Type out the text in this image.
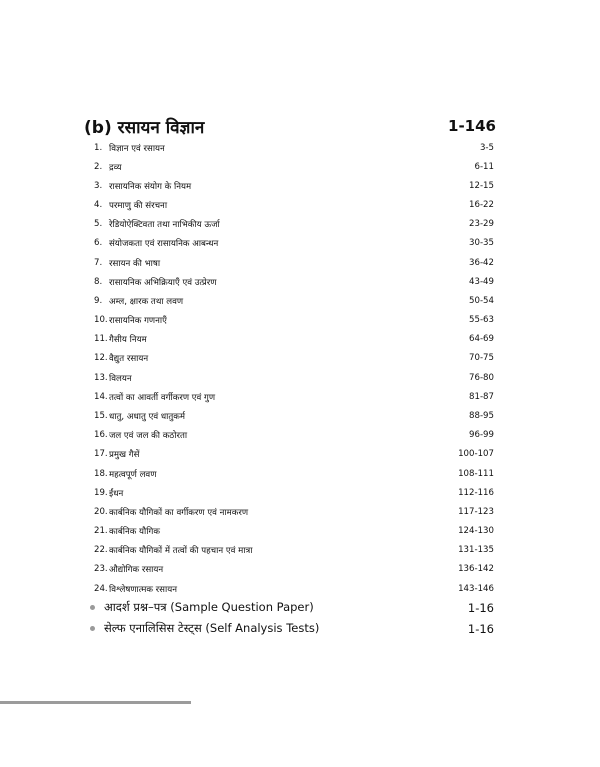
(b) रसायन विज्ञान	1-146
1. विज्ञान एवं रसायन	3-5
2. द्रव्य	6-11
3. रासायनिक संयोग के नियम	12-15
4. परमाणु की संरचना	16-22
5. रेडियोऐक्टिवता तथा नाभिकीय ऊर्जा	23-29
6. संयोजकता एवं रासायनिक आबन्धन	30-35
7. रसायन की भाषा	36-42
8. रासायनिक अभिक्रियाएँ एवं उत्प्रेरण	43-49
9. अम्ल, क्षारक तथा लवण	50-54
10. रासायनिक गणनाएँ	55-63
11. गैसीय नियम	64-69
12. वैद्युत रसायन	70-75
13. विलयन	76-80
14. तत्वों का आवर्ती वर्गीकरण एवं गुण	81-87
15. धातु, अधातु एवं धातुकर्म	88-95
16. जल एवं जल की कठोरता	96-99
17. प्रमुख गैसें	100-107
18. महत्वपूर्ण लवण	108-111
19. ईंधन	112-116
20. कार्बनिक यौगिकों का वर्गीकरण एवं नामकरण	117-123
21. कार्बनिक यौगिक	124-130
22. कार्बनिक यौगिकों में तत्वों की पहचान एवं मात्रा	131-135
23. औद्योगिक रसायन	136-142
24. विश्लेषणात्मक रसायन	143-146
आदर्श प्रश्न–पत्र (Sample Question Paper)	1-16
सेल्फ एनालिसिस टेस्ट्स (Self Analysis Tests)	1-16
